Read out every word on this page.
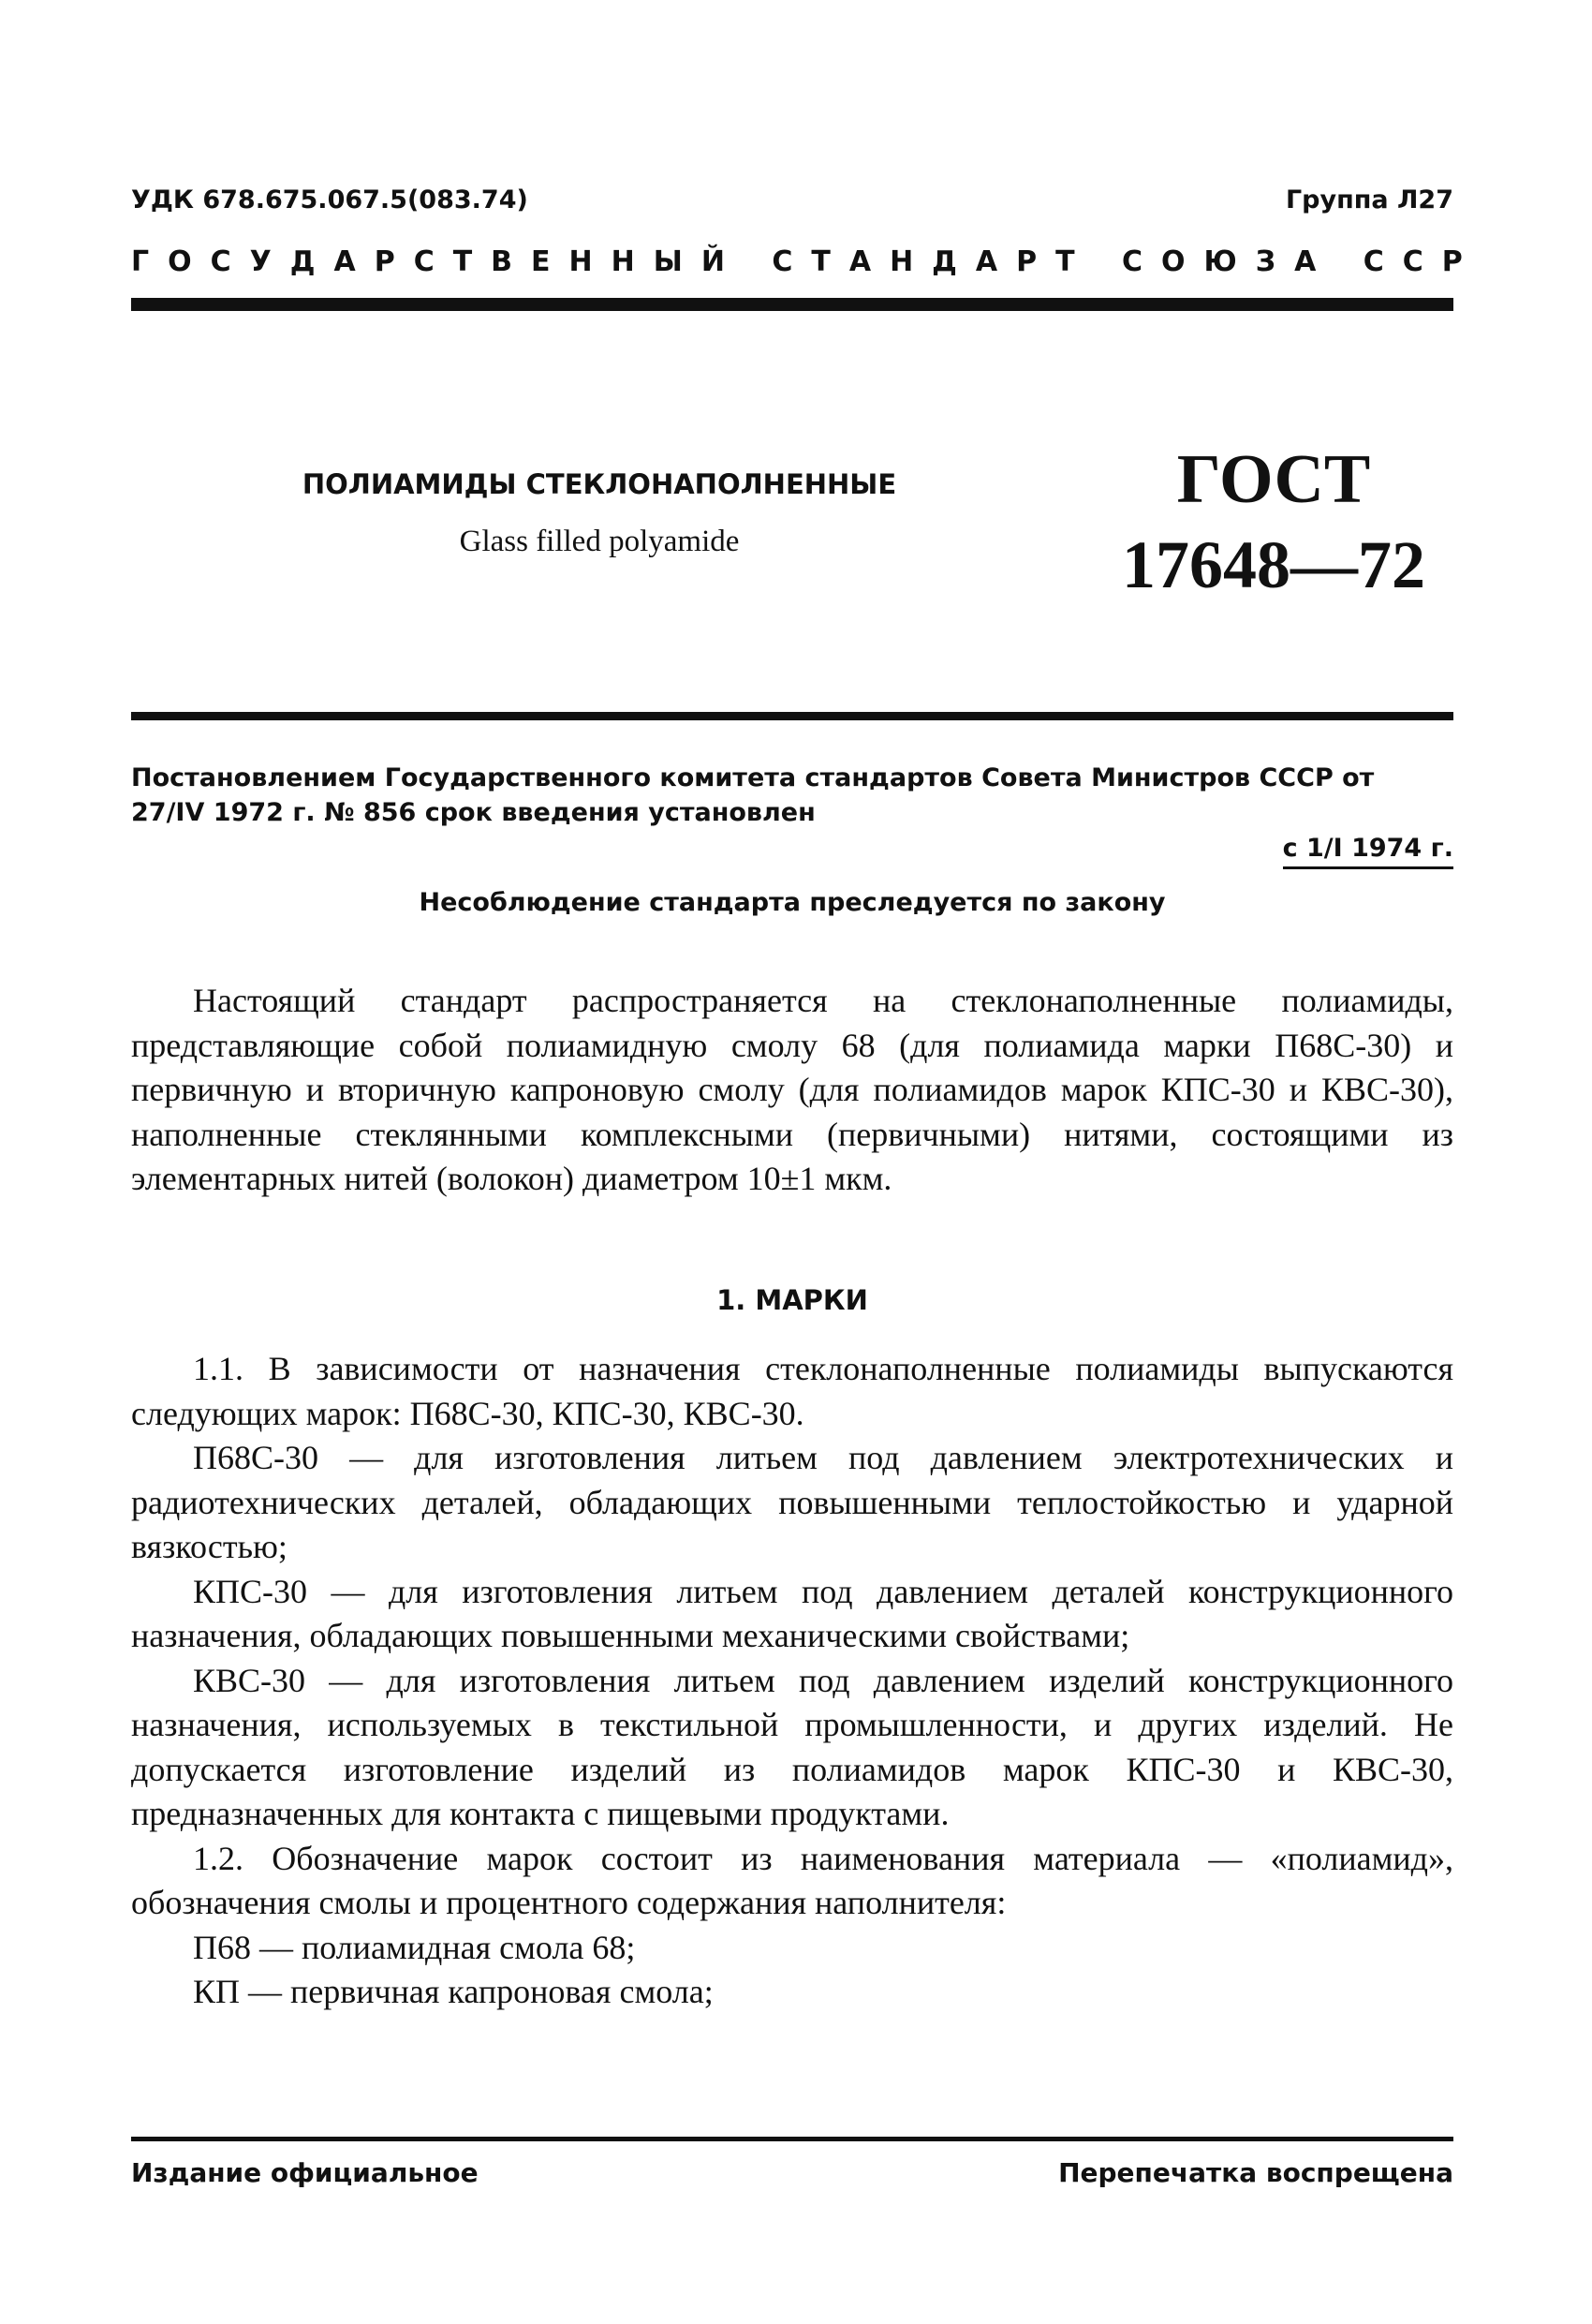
УДК 678.675.067.5(083.74)	Группа Л27
ГОСУДАРСТВЕННЫЙ СТАНДАРТ СОЮЗА ССР
ПОЛИАМИДЫ СТЕКЛОНАПОЛНЕННЫЕ
Glass filled polyamide
ГОСТ
17648—72
Постановлением Государственного комитета стандартов Совета Министров СССР от 27/IV 1972 г. № 856 срок введения установлен
с 1/I 1974 г.
Несоблюдение стандарта преследуется по закону

Настоящий стандарт распространяется на стеклонаполненные полиамиды, представляющие собой полиамидную смолу 68 (для полиамида марки П68С-30) и первичную и вторичную капроновую смолу (для полиамидов марок КПС-30 и КВС-30), наполненные стеклянными комплексными (первичными) нитями, состоящими из элементарных нитей (волокон) диаметром 10±1 мкм.

1. МАРКИ

1.1. В зависимости от назначения стеклонаполненные полиамиды выпускаются следующих марок: П68С-30, КПС-30, КВС-30.

П68С-30 — для изготовления литьем под давлением электротехнических и радиотехнических деталей, обладающих повышенными теплостойкостью и ударной вязкостью;

КПС-30 — для изготовления литьем под давлением деталей конструкционного назначения, обладающих повышенными механическими свойствами;

КВС-30 — для изготовления литьем под давлением изделий конструкционного назначения, используемых в текстильной промышленности, и других изделий. Не допускается изготовление изделий из полиамидов марок КПС-30 и КВС-30, предназначенных для контакта с пищевыми продуктами.

1.2. Обозначение марок состоит из наименования материала — «полиамид», обозначения смолы и процентного содержания наполнителя:

П68 — полиамидная смола 68;

КП — первичная капроновая смола;

Издание официальное	Перепечатка воспрещена
